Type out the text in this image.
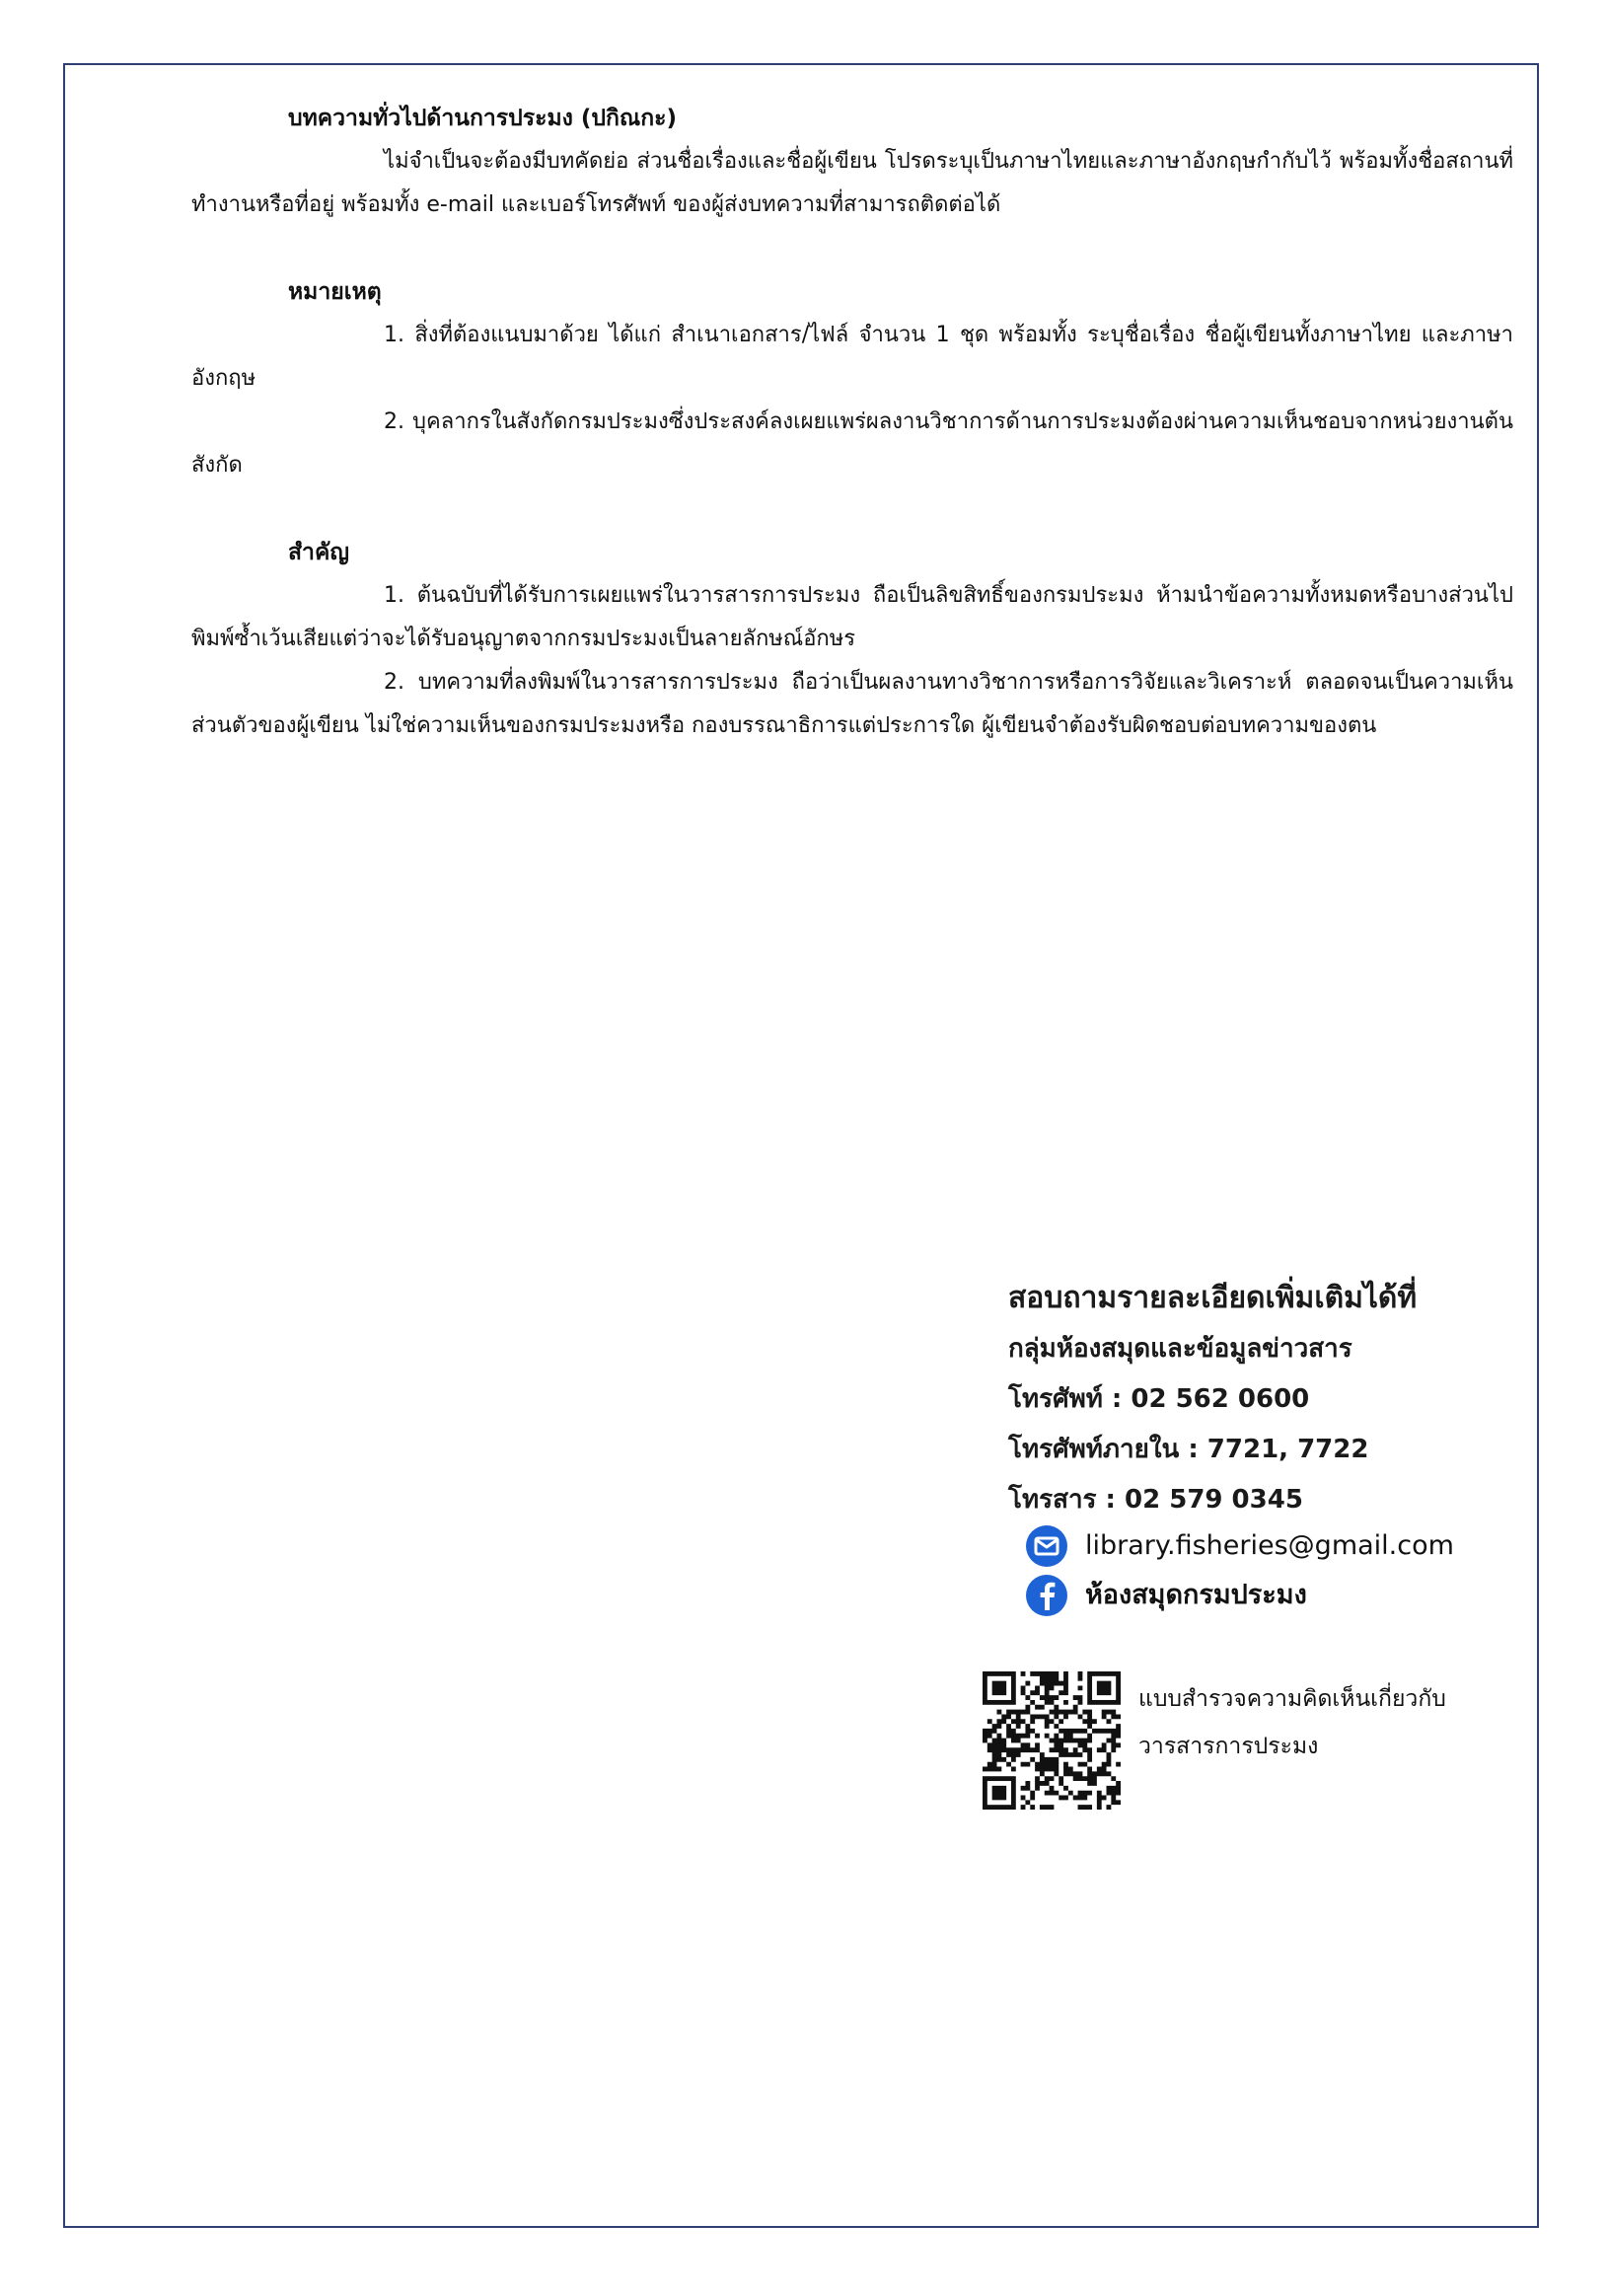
บทความทั่วไปด้านการประมง (ปกิณกะ)

ไม่จำเป็นจะต้องมีบทคัดย่อ ส่วนชื่อเรื่องและชื่อผู้เขียน โปรดระบุเป็นภาษาไทยและภาษาอังกฤษกำกับไว้ พร้อมทั้งชื่อสถานที่ทำงานหรือที่อยู่ พร้อมทั้ง e-mail และเบอร์โทรศัพท์ ของผู้ส่งบทความที่สามารถติดต่อได้

หมายเหตุ

1. สิ่งที่ต้องแนบมาด้วย ได้แก่ สำเนาเอกสาร/ไฟล์ จำนวน 1 ชุด พร้อมทั้ง ระบุชื่อเรื่อง ชื่อผู้เขียนทั้งภาษาไทย และภาษาอังกฤษ

2. บุคลากรในสังกัดกรมประมงซึ่งประสงค์ลงเผยแพร่ผลงานวิชาการด้านการประมงต้องผ่านความเห็นชอบจากหน่วยงานต้นสังกัด

สำคัญ

1. ต้นฉบับที่ได้รับการเผยแพร่ในวารสารการประมง ถือเป็นลิขสิทธิ์ของกรมประมง ห้ามนำข้อความทั้งหมดหรือบางส่วนไปพิมพ์ซ้ำเว้นเสียแต่ว่าจะได้รับอนุญาตจากกรมประมงเป็นลายลักษณ์อักษร

2. บทความที่ลงพิมพ์ในวารสารการประมง ถือว่าเป็นผลงานทางวิชาการหรือการวิจัยและวิเคราะห์ ตลอดจนเป็นความเห็นส่วนตัวของผู้เขียน ไม่ใช่ความเห็นของกรมประมงหรือ กองบรรณาธิการแต่ประการใด ผู้เขียนจำต้องรับผิดชอบต่อบทความของตน

สอบถามรายละเอียดเพิ่มเติมได้ที่
กลุ่มห้องสมุดและข้อมูลข่าวสาร
โทรศัพท์ : 02 562 0600
โทรศัพท์ภายใน : 7721, 7722
โทรสาร : 02 579 0345
library.fisheries@gmail.com
ห้องสมุดกรมประมง
แบบสำรวจความคิดเห็นเกี่ยวกับ
วารสารการประมง
